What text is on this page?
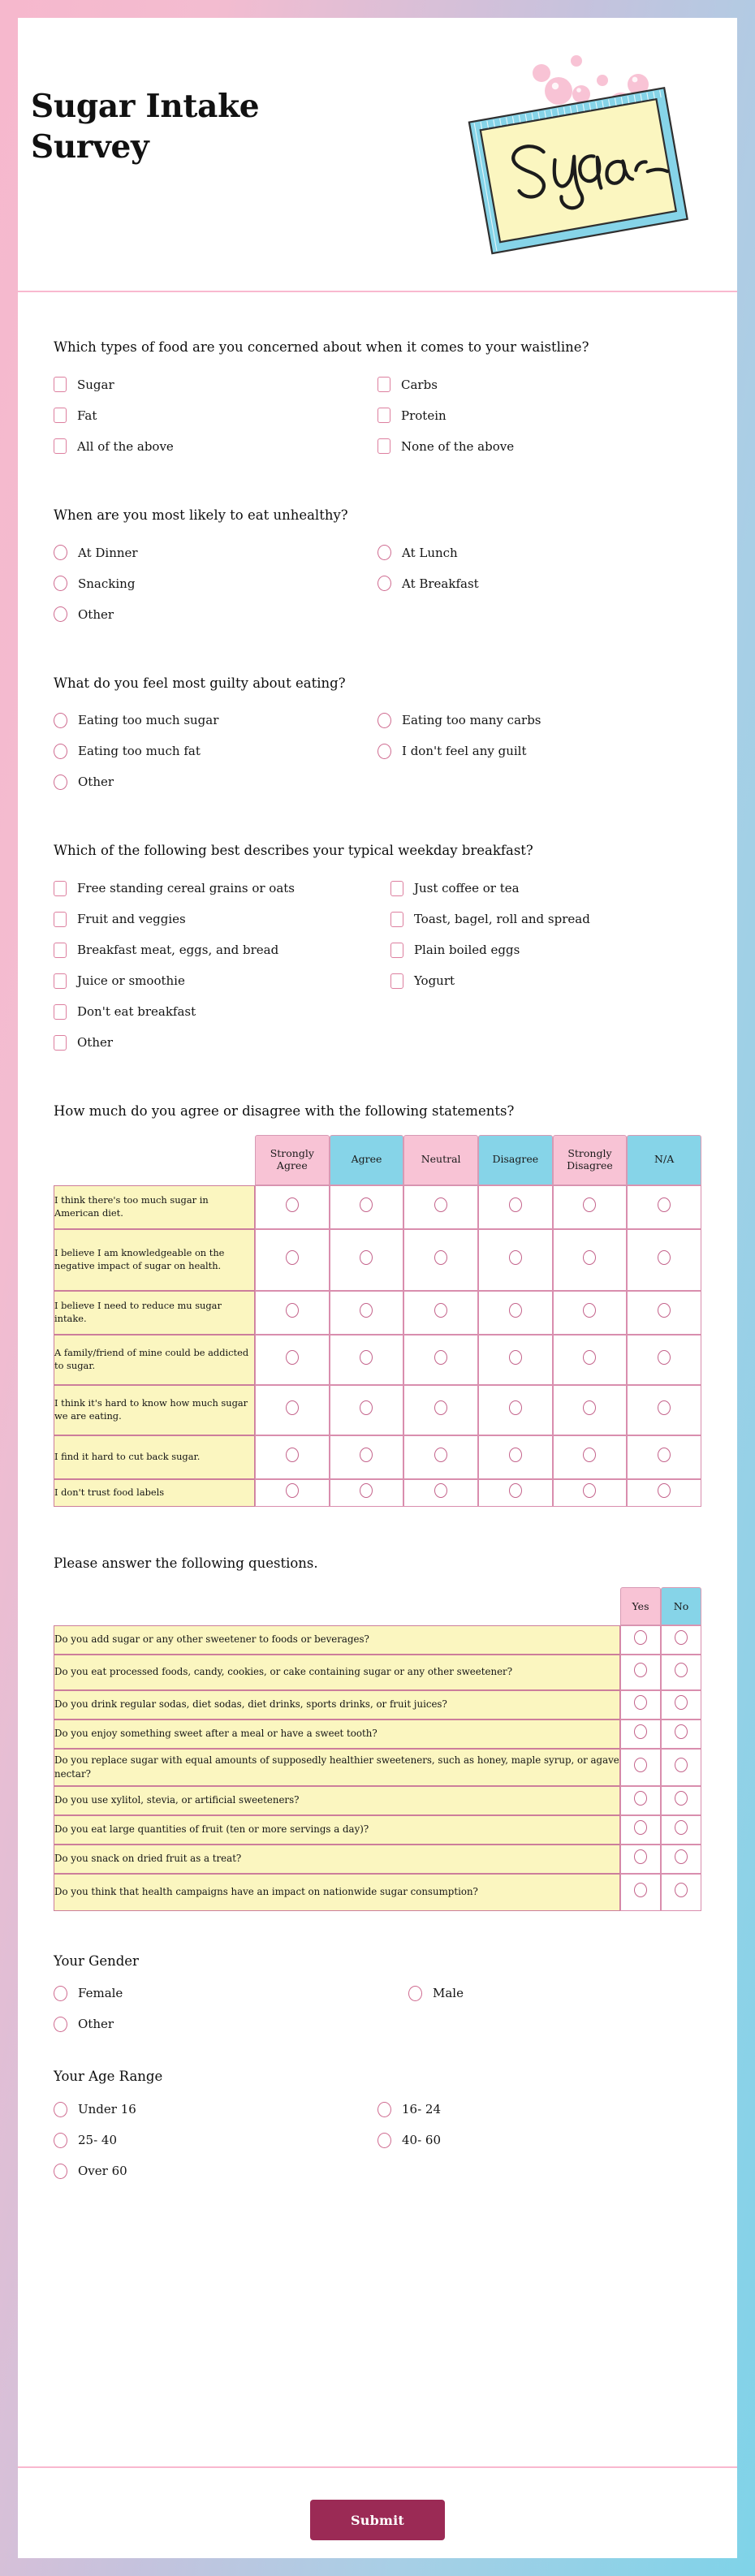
Sugar Intake Survey
Which types of food are you concerned about when it comes to your waistline?
Sugar	Carbs
Fat	Protein
All of the above	None of the above
When are you most likely to eat unhealthy?
At Dinner	At Lunch
Snacking	At Breakfast
Other
What do you feel most guilty about eating?
Eating too much sugar	Eating too many carbs
Eating too much fat	I don't feel any guilt
Other
Which of the following best describes your typical weekday breakfast?
Free standing cereal grains or oats	Just coffee or tea
Fruit and veggies	Toast, bagel, roll and spread
Breakfast meat, eggs, and bread	Plain boiled eggs
Juice or smoothie	Yogurt
Don't eat breakfast
Other
How much do you agree or disagree with the following statements?
	Strongly Agree	Agree	Neutral	Disagree	Strongly Disagree	N/A
I think there's too much sugar in American diet.						
I believe I am knowledgeable on the negative impact of sugar on health.						
I believe I need to reduce mu sugar intake.						
A family/friend of mine could be addicted to sugar.						
I think it's hard to know how much sugar we are eating.						
I find it hard to cut back sugar.						
I don't trust food labels						
Please answer the following questions.
	Yes	No
Do you add sugar or any other sweetener to foods or beverages?		
Do you eat processed foods, candy, cookies, or cake containing sugar or any other sweetener?		
Do you drink regular sodas, diet sodas, diet drinks, sports drinks, or fruit juices?		
Do you enjoy something sweet after a meal or have a sweet tooth?		
Do you replace sugar with equal amounts of supposedly healthier sweeteners, such as honey, maple syrup, or agave nectar?		
Do you use xylitol, stevia, or artificial sweeteners?		
Do you eat large quantities of fruit (ten or more servings a day)?		
Do you snack on dried fruit as a treat?		
Do you think that health campaigns have an impact on nationwide sugar consumption?		
Your Gender
Female	Male
Other
Your Age Range
Under 16	16- 24
25- 40	40- 60
Over 60
Submit
